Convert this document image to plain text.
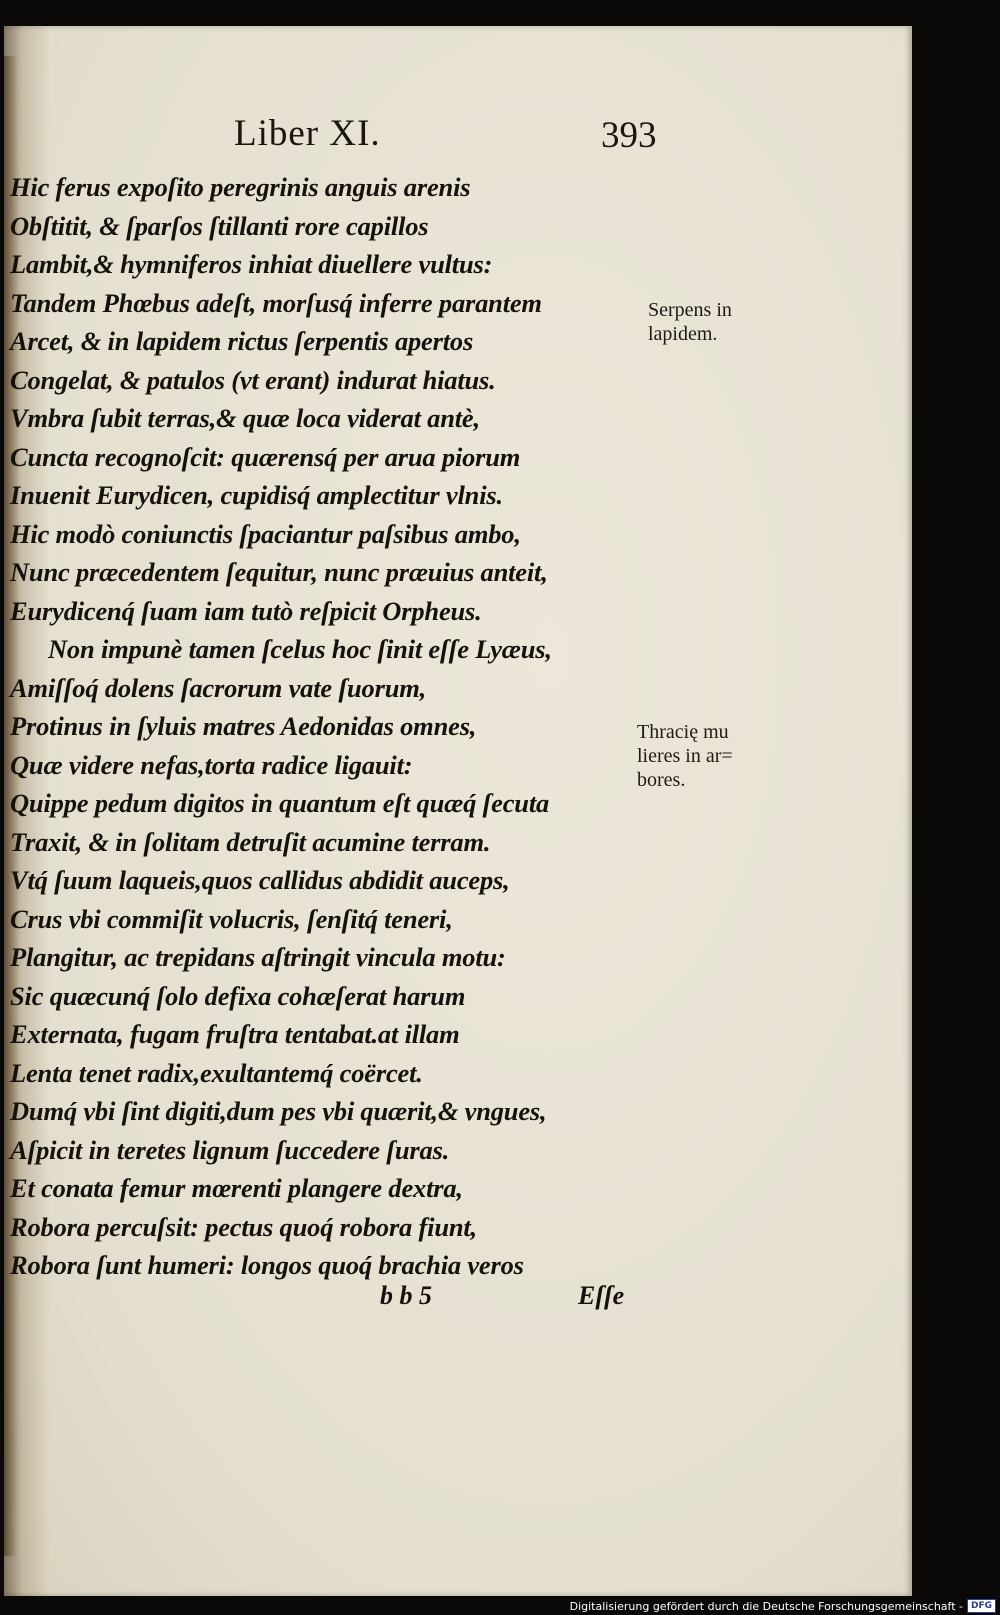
Liber XI.	393
Hic ferus expoſito peregrinis anguis arenis
Obſtitit, & ſparſos ſtillanti rore capillos
Lambit,& hymniferos inhiat diuellere vultus:
Tandem Phœbus adeſt, morſusq́ inferre parantem
Arcet, & in lapidem rictus ſerpentis apertos
Congelat, & patulos (vt erant) indurat hiatus.
Vmbra ſubit terras,& quæ loca viderat antè,
Cuncta recognoſcit: quærensq́ per arua piorum
Inuenit Eurydicen, cupidisq́ amplectitur vlnis.
Hic modò coniunctis ſpaciantur paſsibus ambo,
Nunc præcedentem ſequitur, nunc præuius anteit,
Eurydicenq́ ſuam iam tutò reſpicit Orpheus.
Non impunè tamen ſcelus hoc ſinit eſſe Lyæus,
Amiſſoq́ dolens ſacrorum vate ſuorum,
Protinus in ſyluis matres Aedonidas omnes,
Quæ videre nefas,torta radice ligauit:
Quippe pedum digitos in quantum eſt quæq́ ſecuta
Traxit, & in ſolitam detruſit acumine terram.
Vtq́ ſuum laqueis,quos callidus abdidit auceps,
Crus vbi commiſit volucris, ſenſitq́ teneri,
Plangitur, ac trepidans aſtringit vincula motu:
Sic quæcunq́ ſolo defixa cohæſerat harum
Externata, fugam fruſtra tentabat.at illam
Lenta tenet radix,exultantemq́ coërcet.
Dumq́ vbi ſint digiti,dum pes vbi quærit,& vngues,
Aſpicit in teretes lignum ſuccedere ſuras.
Et conata femur mœrenti plangere dextra,
Robora percuſsit: pectus quoq́ robora fiunt,
Robora ſunt humeri: longos quoq́ brachia veros
Serpens in
lapidem.
Thracię mu
lieres in ar=
bores.
b b 5	Eſſe
Digitalisierung gefördert durch die Deutsche Forschungsgemeinschaft - DFG
